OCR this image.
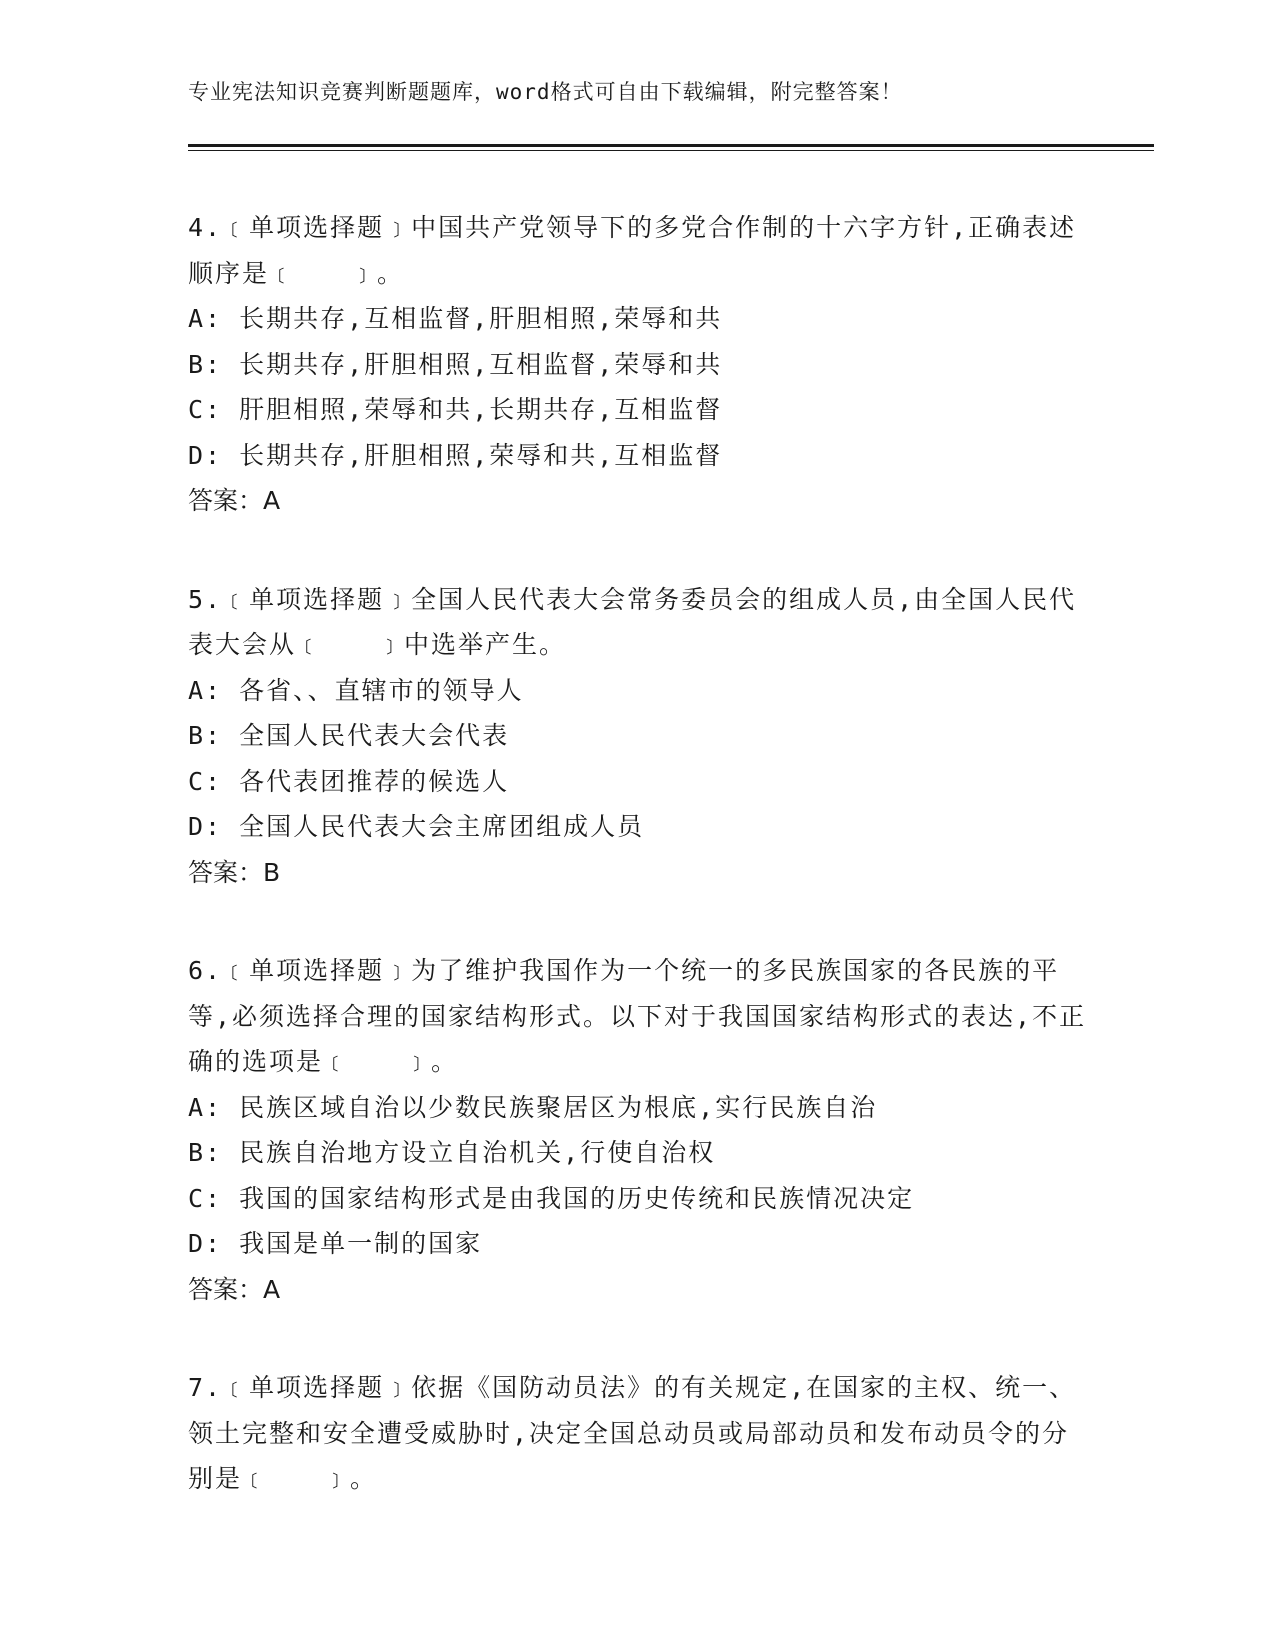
专业宪法知识竞赛判断题题库，word格式可自由下载编辑，附完整答案！

4.﹝单项选择题﹞中国共产党领导下的多党合作制的十六字方针,正确表述顺序是﹝　　﹞。

A: 长期共存,互相监督,肝胆相照,荣辱和共

B: 长期共存,肝胆相照,互相监督,荣辱和共

C: 肝胆相照,荣辱和共,长期共存,互相监督

D: 长期共存,肝胆相照,荣辱和共,互相监督

答案：A

5.﹝单项选择题﹞全国人民代表大会常务委员会的组成人员,由全国人民代表大会从﹝　　﹞中选举产生。

A: 各省、、直辖市的领导人

B: 全国人民代表大会代表

C: 各代表团推荐的候选人

D: 全国人民代表大会主席团组成人员

答案：B

6.﹝单项选择题﹞为了维护我国作为一个统一的多民族国家的各民族的平等,必须选择合理的国家结构形式。以下对于我国国家结构形式的表达,不正确的选项是﹝　　﹞。

A: 民族区域自治以少数民族聚居区为根底,实行民族自治

B: 民族自治地方设立自治机关,行使自治权

C: 我国的国家结构形式是由我国的历史传统和民族情况决定

D: 我国是单一制的国家

答案：A

7.﹝单项选择题﹞依据《国防动员法》的有关规定,在国家的主权、统一、领土完整和安全遭受威胁时,决定全国总动员或局部动员和发布动员令的分别是﹝　　﹞。
